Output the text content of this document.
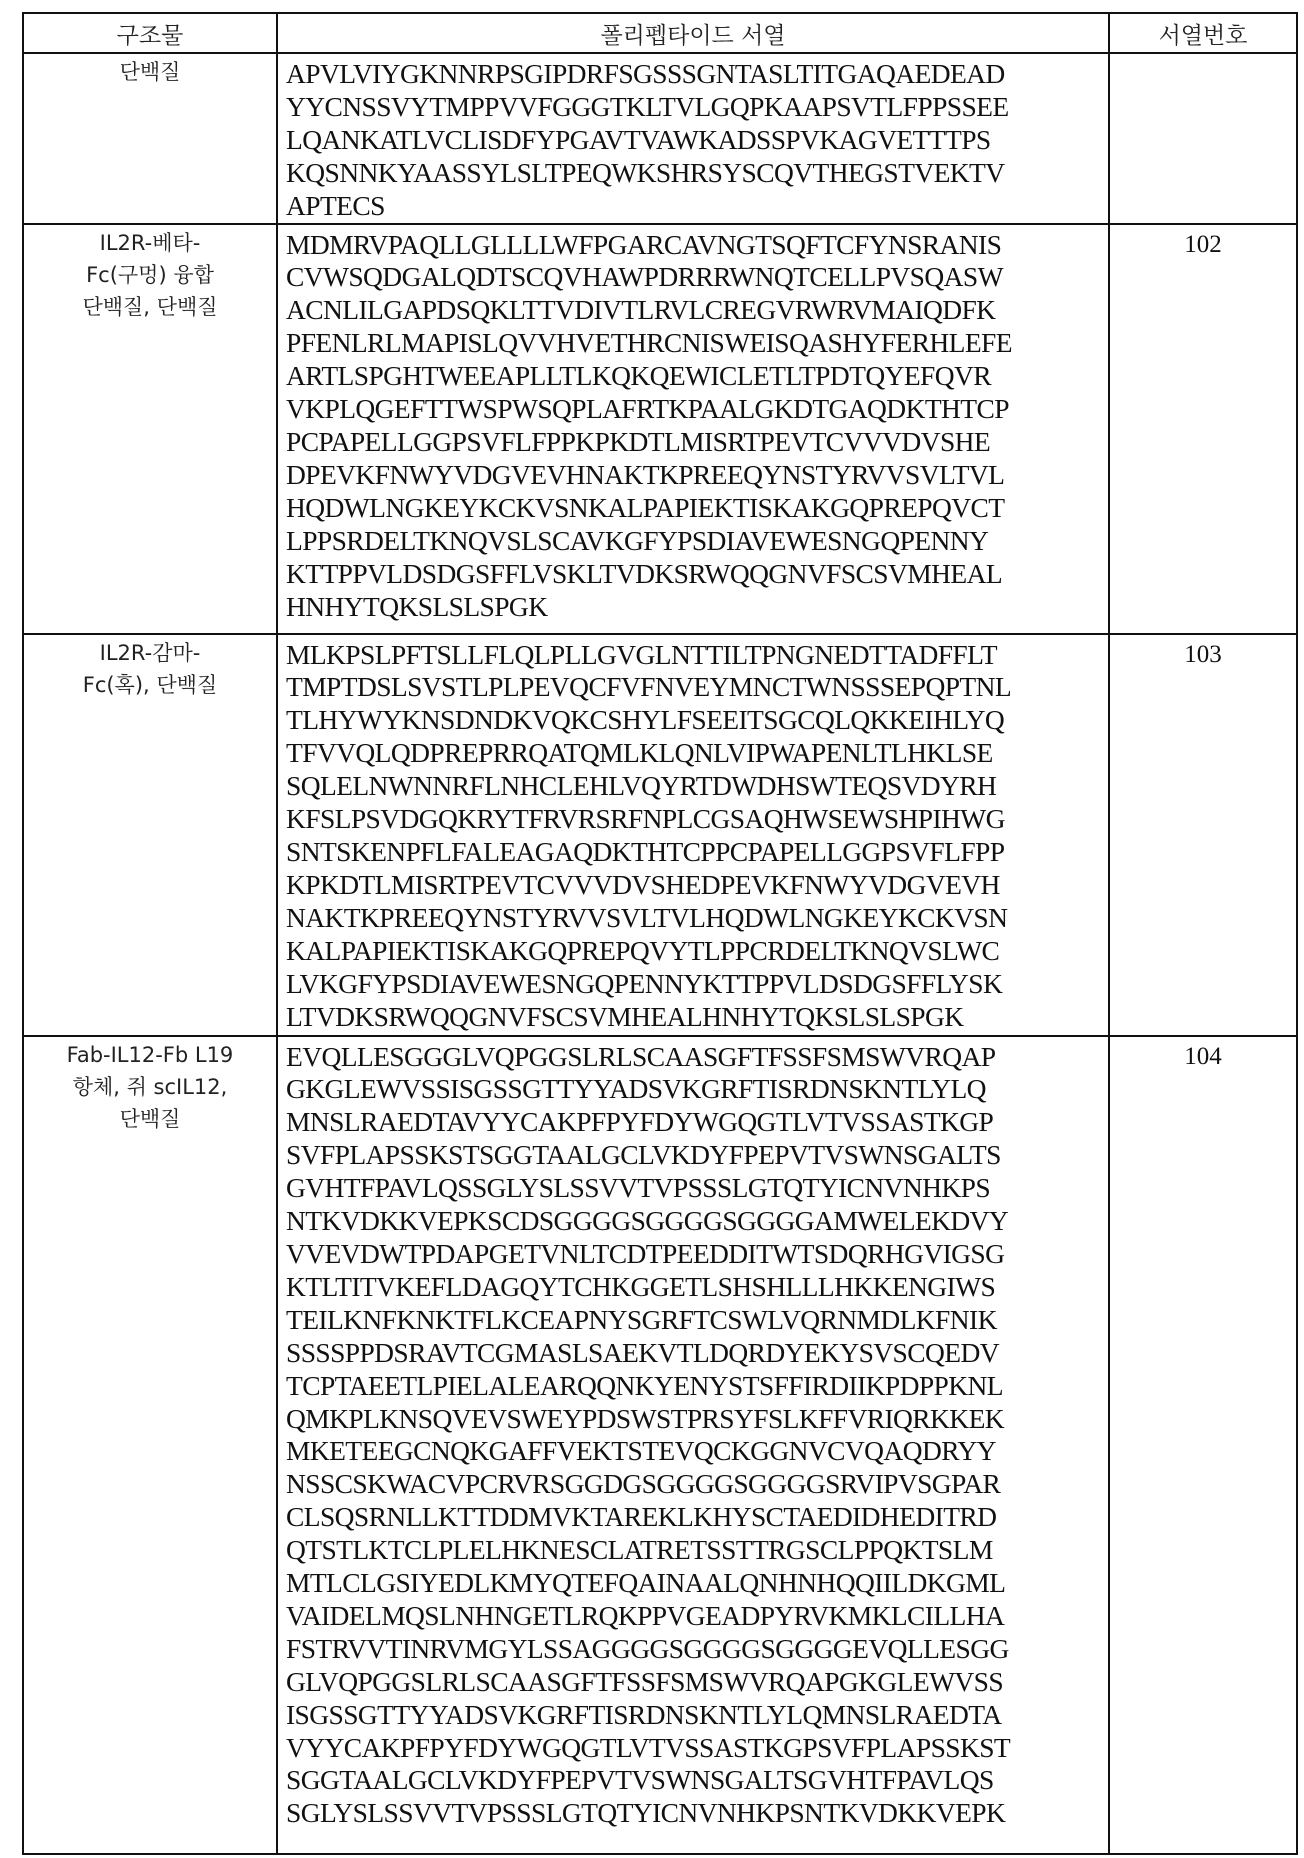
구조물	폴리펩타이드 서열	서열번호

단백질	APVLVIYGKNNRPSGIPDRFSGSSSGNTASLTITGAQAEDEAD
YYCNSSVYTMPPVVFGGGTKLTVLGQPKAAPSVTLFPPSSEE
LQANKATLVCLISDFYPGAVTVAWKADSSPVKAGVETTTPS
KQSNNKYAASSYLSLTPEQWKSHRSYSCQVTHEGSTVEKTV
APTECS

IL2R-베타-
Fc(구멍) 융합
단백질, 단백질

MDMRVPAQLLGLLLLWFPGARCAVNGTSQFTCFYNSRANIS
CVWSQDGALQDTSCQVHAWPDRRRWNQTCELLPVSQASW
ACNLILGAPDSQKLTTVDIVTLRVLCREGVRWRVMAIQDFK
PFENLRLMAPISLQVVHVETHRCNISWEISQASHYFERHLEFE
ARTLSPGHTWEEAPLLTLKQKQEWICLETLTPDTQYEFQVR
VKPLQGEFTTWSPWSQPLAFRTKPAALGKDTGAQDKTHTCP
PCPAPELLGGPSVFLFPPKPKDTLMISRTPEVTCVVVDVSHE
DPEVKFNWYVDGVEVHNAKTKPREEQYNSTYRVVSVLTVL
HQDWLNGKEYKCKVSNKALPAPIEKTISKAKGQPREPQVCT
LPPSRDELTKNQVSLSCAVKGFYPSDIAVEWESNGQPENNY
KTTPPVLDSDGSFFLVSKLTVDKSRWQQGNVFSCSVMHEAL
HNHYTQKSLSLSPGK
	102

IL2R-감마-
Fc(혹), 단백질

MLKPSLPFTSLLFLQLPLLGVGLNTTILTPNGNEDTTADFFLT
TMPTDSLSVSTLPLPEVQCFVFNVEYMNCTWNSSSEPQPTNL
TLHYWYKNSDNDKVQKCSHYLFSEEITSGCQLQKKEIHLYQ
TFVVQLQDPREPRRQATQMLKLQNLVIPWAPENLTLHKLSE
SQLELNWNNRFLNHCLEHLVQYRTDWDHSWTEQSVDYRH
KFSLPSVDGQKRYTFRVRSRFNPLCGSAQHWSEWSHPIHWG
SNTSKENPFLFALEAGAQDKTHTCPPCPAPELLGGPSVFLFPP
KPKDTLMISRTPEVTCVVVDVSHEDPEVKFNWYVDGVEVH
NAKTKPREEQYNSTYRVVSVLTVLHQDWLNGKEYKCKVSN
KALPAPIEKTISKAKGQPREPQVYTLPPCRDELTKNQVSLWC
LVKGFYPSDIAVEWESNGQPENNYKTTPPVLDSDGSFFLYSK
LTVDKSRWQQGNVFSCSVMHEALHNHYTQKSLSLSPGK
	103

Fab-IL12-Fb L19
항체, 쥐 scIL12,
단백질

EVQLLESGGGLVQPGGSLRLSCAASGFTFSSFSMSWVRQAP
GKGLEWVSSISGSSGTTYYADSVKGRFTISRDNSKNTLYLQ
MNSLRAEDTAVYYCAKPFPYFDYWGQGTLVTVSSASTKGP
SVFPLAPSSKSTSGGTAALGCLVKDYFPEPVTVSWNSGALTS
GVHTFPAVLQSSGLYSLSSVVTVPSSSLGTQTYICNVNHKPS
NTKVDKKVEPKSCDSGGGGSGGGGSGGGGAMWELEKDVY
VVEVDWTPDAPGETVNLTCDTPEEDDITWTSDQRHGVIGSG
KTLTITVKEFLDAGQYTCHKGGETLSHSHLLLHKKENGIWS
TEILKNFKNKTFLKCEAPNYSGRFTCSWLVQRNMDLKFNIK
SSSSPPDSRAVTCGMASLSAEKVTLDQRDYEKYSVSCQEDV
TCPTAEETLPIELALEARQQNKYENYSTSFFIRDIIKPDPPKNL
QMKPLKNSQVEVSWEYPDSWSTPRSYFSLKFFVRIQRKKEK
MKETEEGCNQKGAFFVEKTSTEVQCKGGNVCVQAQDRYY
NSSCSKWACVPCRVRSGGDGSGGGGSGGGGSRVIPVSGPAR
CLSQSRNLLKTTDDMVKTAREKLKHYSCTAEDIDHEDITRD
QTSTLKTCLPLELHKNESCLATRETSSTTRGSCLPPQKTSLM
MTLCLGSIYEDLKMYQTEFQAINAALQNHNHQQIILDKGML
VAIDELMQSLNHNGETLRQKPPVGEADPYRVKMKLCILLHA
FSTRVVTINRVMGYLSSAGGGGSGGGGSGGGGEVQLLESGG
GLVQPGGSLRLSCAASGFTFSSFSMSWVRQAPGKGLEWVSS
ISGSSGTTYYADSVKGRFTISRDNSKNTLYLQMNSLRAEDTA
VYYCAKPFPYFDYWGQGTLVTVSSASTKGPSVFPLAPSSKST
SGGTAALGCLVKDYFPEPVTVSWNSGALTSGVHTFPAVLQS
SGLYSLSSVVTVPSSSLGTQTYICNVNHKPSNTKVDKKVEPK
	104
